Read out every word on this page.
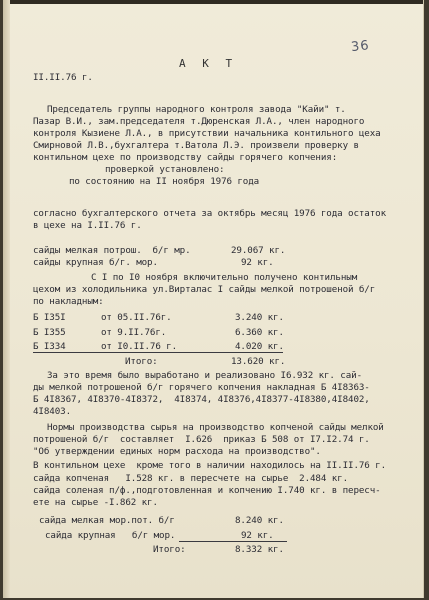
36
А К Т
II.II.76 г.
Председатель группы народного контроля завода "Кайи" т.
Пазар В.И., зам.председателя т.Дюренская Л.А., член народного
контроля Кызиене Л.А., в присутствии начальника контильного цеха
Смирновой Л.В.,бухгалтера т.Ватола Л.Э. произвели проверку в
контильном цехе по производству сайды горячего копчения:
проверкой установлено:
по состоянию на II ноября 1976 года
согласно бухгалтерского отчета за октябрь месяц 1976 года остаток
в цехе на I.II.76 г.
сайды мелкая потрош.  б/г мр.	29.067 кг.
сайды крупная б/г. мор.	92 кг.
С I по I0 ноября включительно получено контильным
цехом из холодильника ул.Вирталас I сайды мелкой потрошеной б/г
по накладным:
Б I35I	от 05.II.76г.	3.240 кг.
Б I355	от 9.II.76г.	6.360 кг.
Б I334	от I0.II.76 г.	4.020 кг.
Итого:	13.620 кг.
За это время было выработано и реализовано I6.932 кг. сай-
ды мелкой потрошеной б/г горячего копчения накладная Б 4I8363-
Б 4I8367, 4I8370-4I8372,  4I8374, 4I8376,4I8377-4I8380,4I8402,
4I8403.
Нормы производства сырья на производство копченой сайды мелкой
потрошеной б/г  составляет  I.626  приказ Б 508 от I7.I2.74 г.
"Об утверждении единых норм расхода на производство".
В контильном цехе  кроме того в наличии находилось на II.II.76 г.
сайда копченая   I.528 кг. в пересчете на сырье  2.484 кг.
сайда соленая п/ф.,подготовленная и копчению I.740 кг. в пересч-
ете на сырье -I.862 кг.
сайда мелкая мор.пот. б/г	8.240 кг.
сайда крупная   б/г мор.	92 кг.
Итого:	8.332 кг.
